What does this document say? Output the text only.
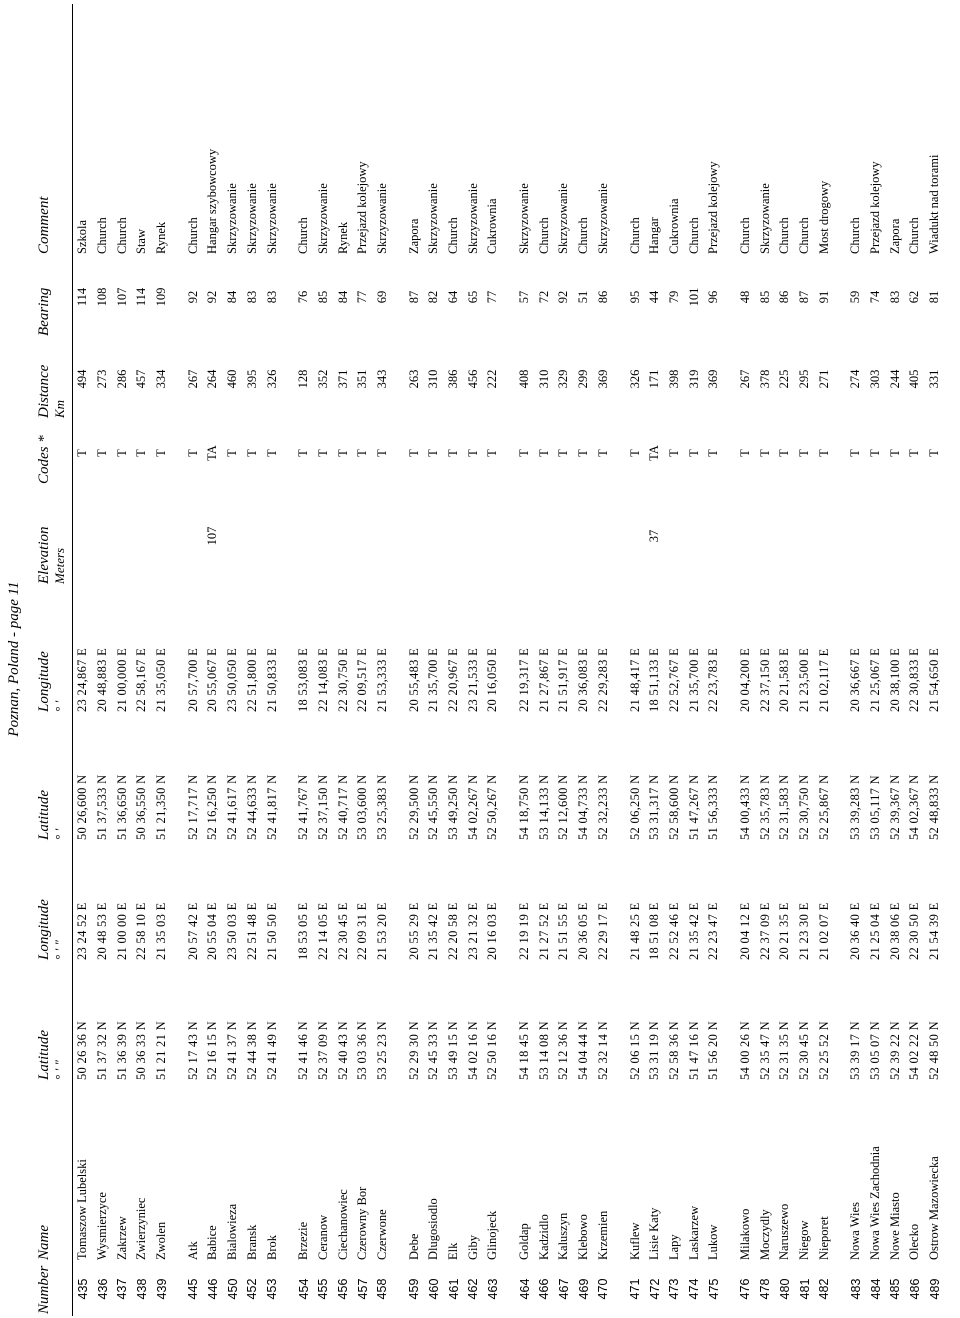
Poznan, Poland - page 11
Number	Name	Latitude ° ′ ″	Longitude ° ′ ″	Latitude ° ′	Longitude ° ′	Elevation Meters	Codes *	Distance Km	Bearing	Comment
435	Tomaszow Lubelski	50 26 36 N	23 24 52 E	50 26,600 N	23 24,867 E		T	494	114	Szkola
436	Wysmierzyce	51 37 32 N	20 48 53 E	51 37,533 N	20 48,883 E		T	273	108	Church
437	Zakrzew	51 36 39 N	21 00 00 E	51 36,650 N	21 00,000 E		T	286	107	Church
438	Zwierzyniec	50 36 33 N	22 58 10 E	50 36,550 N	22 58,167 E		T	457	114	Staw
439	Zwolen	51 21 21 N	21 35 03 E	51 21,350 N	21 35,050 E		T	334	109	Rynek

445	Atk	52 17 43 N	20 57 42 E	52 17,717 N	20 57,700 E		T	267	92	Church
446	Babice	52 16 15 N	20 55 04 E	52 16,250 N	20 55,067 E	107	TA	264	92	Hangar szybowcowy
450	Bialowieza	52 41 37 N	23 50 03 E	52 41,617 N	23 50,050 E		T	460	84	Skrzyzowanie
452	Bransk	52 44 38 N	22 51 48 E	52 44,633 N	22 51,800 E		T	395	83	Skrzyzowanie
453	Brok	52 41 49 N	21 50 50 E	52 41,817 N	21 50,833 E		T	326	83	Skrzyzowanie

454	Brzezie	52 41 46 N	18 53 05 E	52 41,767 N	18 53,083 E		T	128	76	Church
455	Ceranow	52 37 09 N	22 14 05 E	52 37,150 N	22 14,083 E		T	352	85	Skrzyzowanie
456	Ciechanowiec	52 40 43 N	22 30 45 E	52 40,717 N	22 30,750 E		T	371	84	Rynek
457	Czerowny Bor	53 03 36 N	22 09 31 E	53 03,600 N	22 09,517 E		T	351	77	Przejazd kolejowy
458	Czerwone	53 25 23 N	21 53 20 E	53 25,383 N	21 53,333 E		T	343	69	Skrzyzowanie

459	Debe	52 29 30 N	20 55 29 E	52 29,500 N	20 55,483 E		T	263	87	Zapora
460	Dlugosiodlo	52 45 33 N	21 35 42 E	52 45,550 N	21 35,700 E		T	310	82	Skrzyzowanie
461	Elk	53 49 15 N	22 20 58 E	53 49,250 N	22 20,967 E		T	386	64	Church
462	Giby	54 02 16 N	23 21 32 E	54 02,267 N	23 21,533 E		T	456	65	Skrzyzowanie
463	Glinojeck	52 50 16 N	20 16 03 E	52 50,267 N	20 16,050 E		T	222	77	Cukrownia

464	Goldap	54 18 45 N	22 19 19 E	54 18,750 N	22 19,317 E		T	408	57	Skrzyzowanie
466	Kadzidlo	53 14 08 N	21 27 52 E	53 14,133 N	21 27,867 E		T	310	72	Church
467	Kaluszyn	52 12 36 N	21 51 55 E	52 12,600 N	21 51,917 E		T	329	92	Skrzyzowanie
469	Klebowo	54 04 44 N	20 36 05 E	54 04,733 N	20 36,083 E		T	299	51	Church
470	Krzemien	52 32 14 N	22 29 17 E	52 32,233 N	22 29,283 E		T	369	86	Skrzyzowanie

471	Kuflew	52 06 15 N	21 48 25 E	52 06,250 N	21 48,417 E		T	326	95	Church
472	Lisie Katy	53 31 19 N	18 51 08 E	53 31,317 N	18 51,133 E	37	TA	171	44	Hangar
473	Lapy	52 58 36 N	22 52 46 E	52 58,600 N	22 52,767 E		T	398	79	Cukrownia
474	Laskarzew	51 47 16 N	21 35 42 E	51 47,267 N	21 35,700 E		T	319	101	Church
475	Lukow	51 56 20 N	22 23 47 E	51 56,333 N	22 23,783 E		T	369	96	Przejazd kolejowy

476	Milakowo	54 00 26 N	20 04 12 E	54 00,433 N	20 04,200 E		T	267	48	Church
478	Moczydly	52 35 47 N	22 37 09 E	52 35,783 N	22 37,150 E		T	378	85	Skrzyzowanie
480	Naruszewo	52 31 35 N	20 21 35 E	52 31,583 N	20 21,583 E		T	225	86	Church
481	Niegow	52 30 45 N	21 23 30 E	52 30,750 N	21 23,500 E		T	295	87	Church
482	Nieporet	52 25 52 N	21 02 07 E	52 25,867 N	21 02,117 E		T	271	91	Most drogowy

483	Nowa Wies	53 39 17 N	20 36 40 E	53 39,283 N	20 36,667 E		T	274	59	Church
484	Nowa Wies Zachodnia	53 05 07 N	21 25 04 E	53 05,117 N	21 25,067 E		T	303	74	Przejazd kolejowy
485	Nowe Miasto	52 39 22 N	20 38 06 E	52 39,367 N	20 38,100 E		T	244	83	Zapora
486	Olecko	54 02 22 N	22 30 50 E	54 02,367 N	22 30,833 E		T	405	62	Church
489	Ostrow Mazowiecka	52 48 50 N	21 54 39 E	52 48,833 N	21 54,650 E		T	331	81	Wiadukt nad torami
